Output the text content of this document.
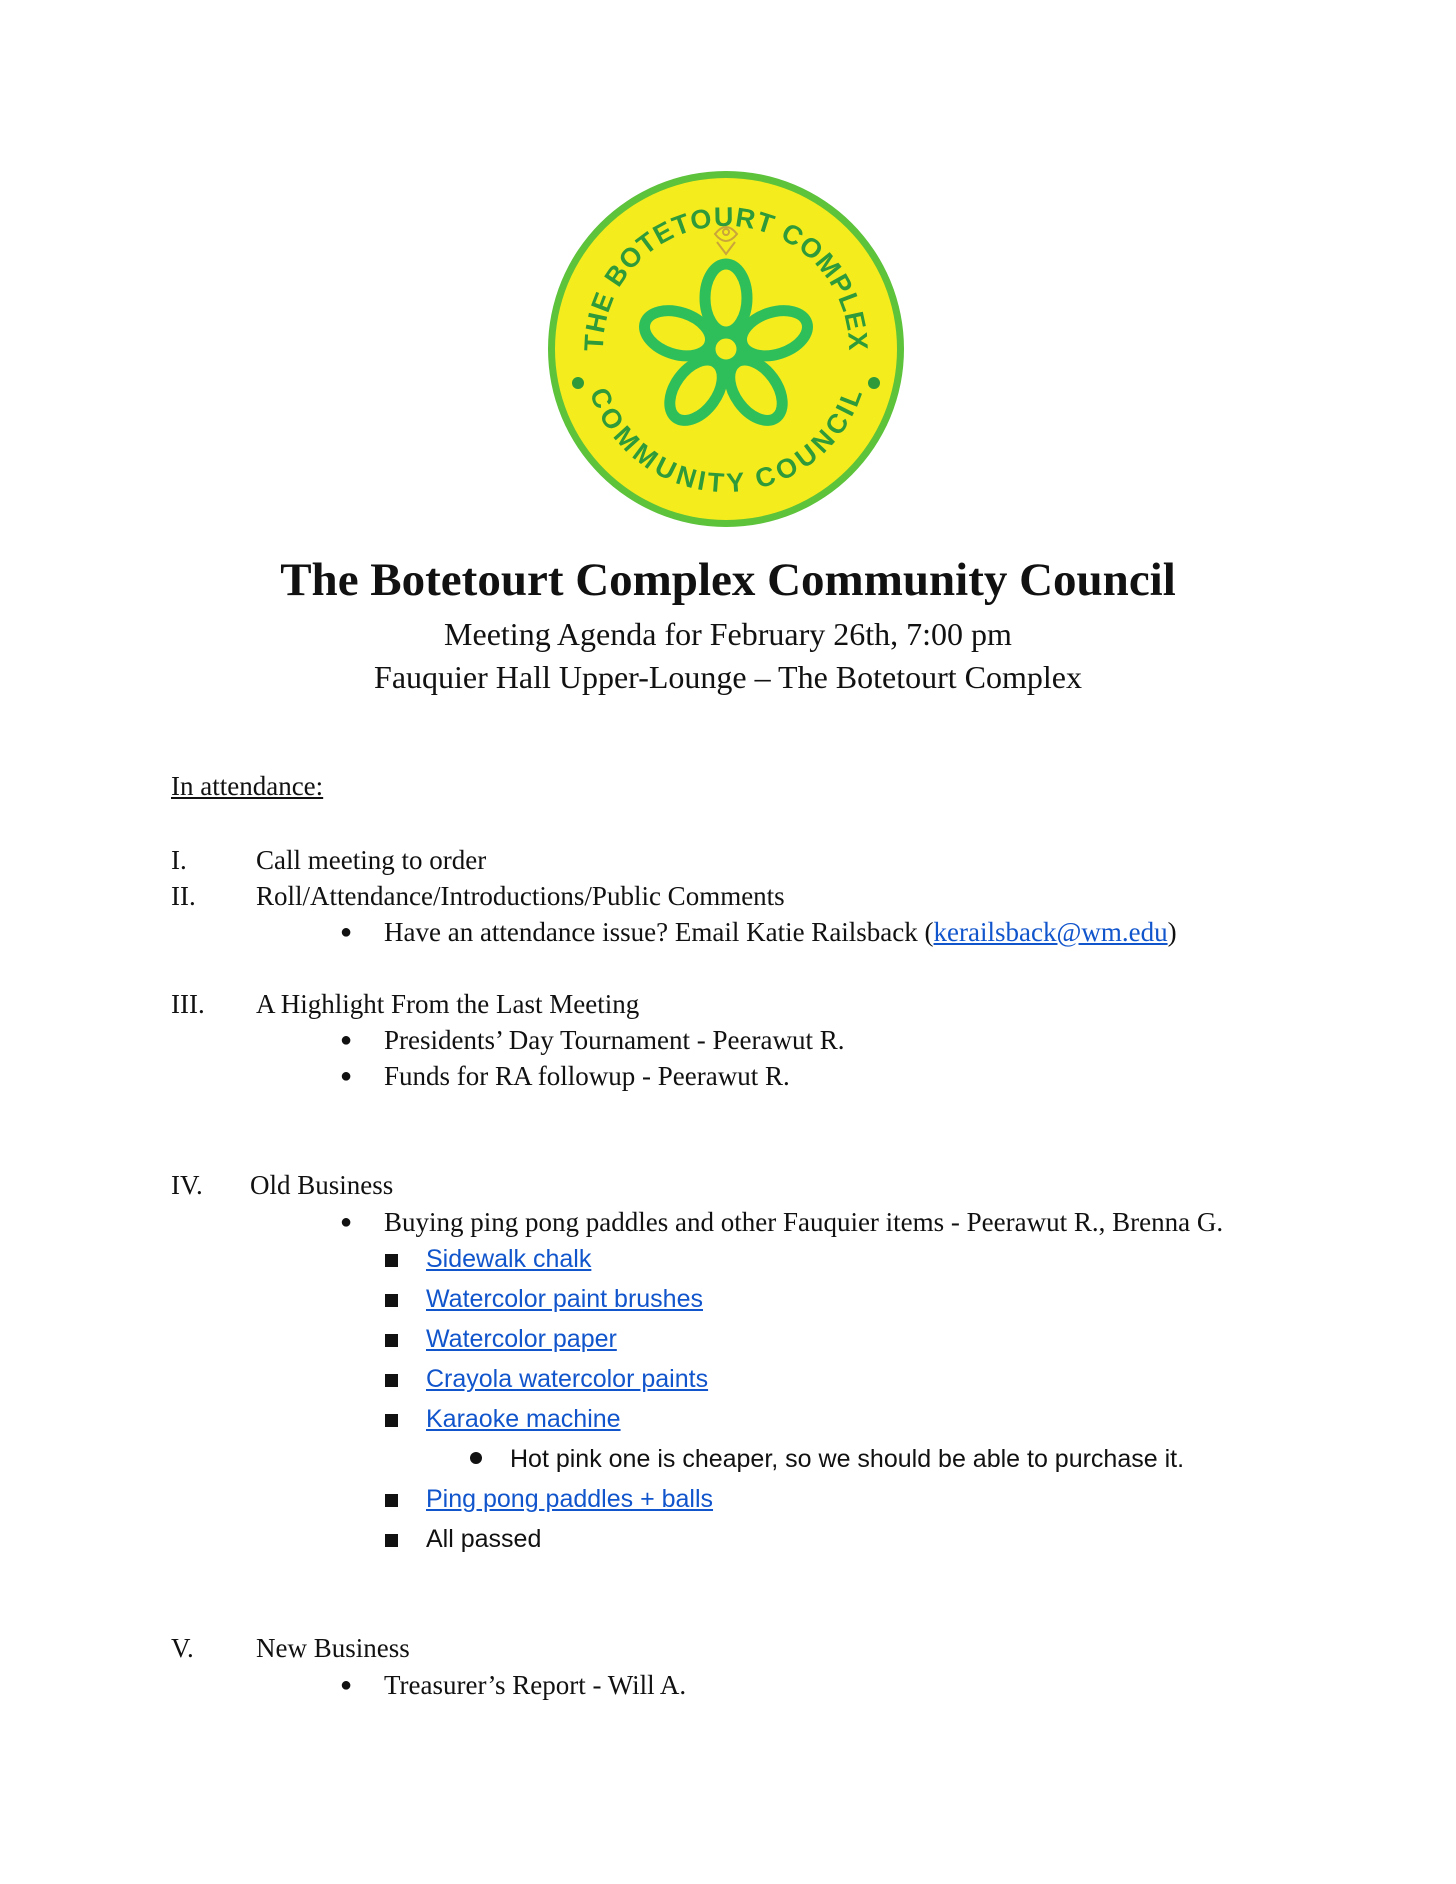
THE BOTETOURT COMPLEX
COMMUNITY COUNCIL
The Botetourt Complex Community Council

Meeting Agenda for February 26th, 7:00 pm

Fauquier Hall Upper-Lounge – The Botetourt Complex

In attendance:
I.	Call meeting to order
II. Roll/Attendance/Introductions/Public Comments
● Have an attendance issue? Email Katie Railsback (kerailsback@wm.edu)
III. A Highlight From the Last Meeting
● Presidents’ Day Tournament - Peerawut R.
● Funds for RA followup - Peerawut R.
IV. Old Business
● Buying ping pong paddles and other Fauquier items - Peerawut R., Brenna G.
Sidewalk chalk
Watercolor paint brushes
Watercolor paper
Crayola watercolor paints
Karaoke machine
Hot pink one is cheaper, so we should be able to purchase it.
Ping pong paddles + balls
All passed
V. New Business
● Treasurer’s Report - Will A.
